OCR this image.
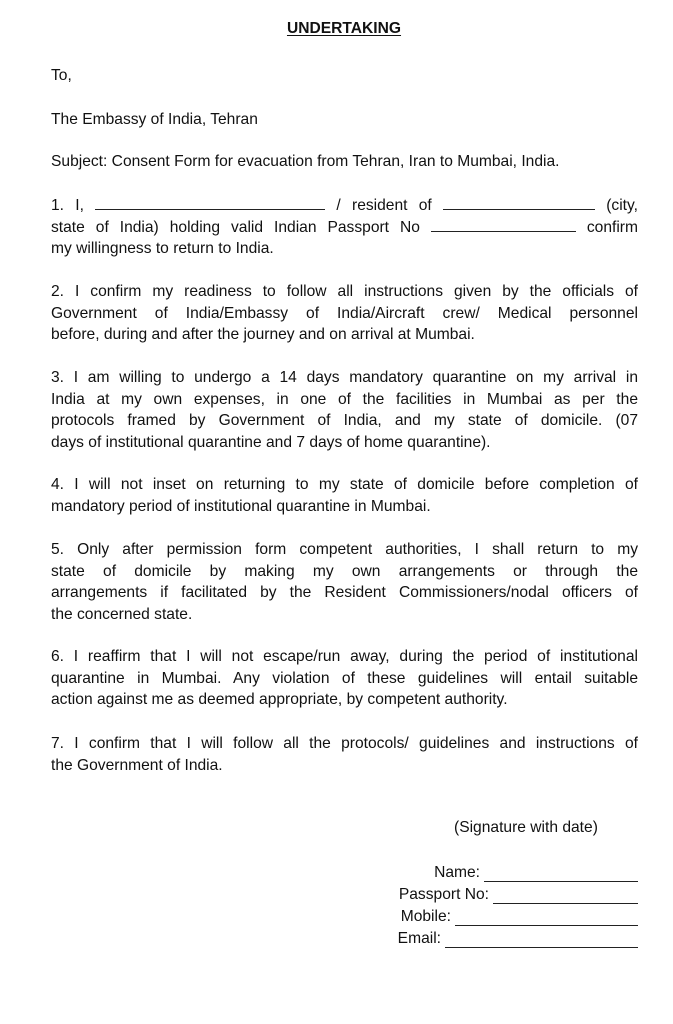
UNDERTAKING
To,
The Embassy of India, Tehran
Subject: Consent Form for evacuation from Tehran, Iran to Mumbai, India.
1. I,	/ resident of	(city,
state of India) holding valid Indian Passport No	confirm
my willingness to return to India.
2. I confirm my readiness to follow all instructions given by the officials of
Government of India/Embassy of India/Aircraft crew/ Medical personnel
before, during and after the journey and on arrival at Mumbai.
3. I am willing to undergo a 14 days mandatory quarantine on my arrival in
India at my own expenses, in one of the facilities in Mumbai as per the
protocols framed by Government of India, and my state of domicile. (07
days of institutional quarantine and 7 days of home quarantine).
4. I will not inset on returning to my state of domicile before completion of
mandatory period of institutional quarantine in Mumbai.
5. Only after permission form competent authorities, I shall return to my
state of domicile by making my own arrangements or through the
arrangements if facilitated by the Resident Commissioners/nodal officers of
the concerned state.
6. I reaffirm that I will not escape/run away, during the period of institutional
quarantine in Mumbai. Any violation of these guidelines will entail suitable
action against me as deemed appropriate, by competent authority.
7. I confirm that I will follow all the protocols/ guidelines and instructions of
the Government of India.
(Signature with date)
Name:
Passport No:
Mobile:
Email:
